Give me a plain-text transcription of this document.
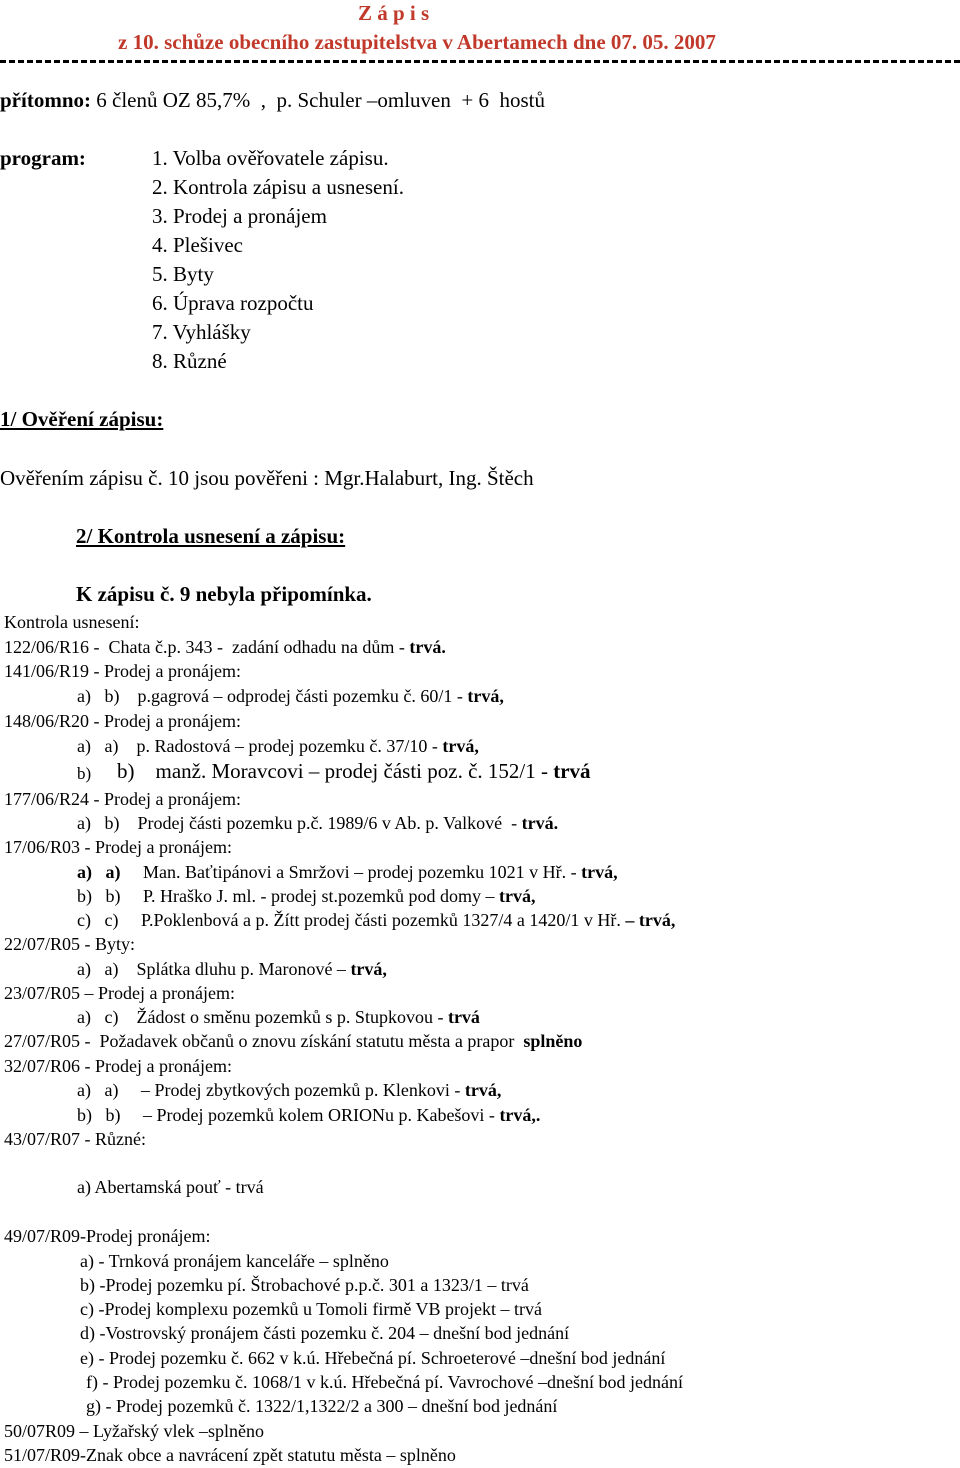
Z á p i s
z 10. schůze obecního zastupitelstva v Abertamech dne 07. 05. 2007
přítomno: 6 členů OZ 85,7%  ,  p. Schuler –omluven  + 6  hostů
program:	1. Volba ověřovatele zápisu.
2. Kontrola zápisu a usnesení.
3. Prodej a pronájem
4. Plešivec
5. Byty
6. Úprava rozpočtu
7. Vyhlášky
8. Různé
1/ Ověření zápisu:
Ověřením zápisu č. 10 jsou pověřeni : Mgr.Halaburt, Ing. Štěch
2/ Kontrola usnesení a zápisu:
K zápisu č. 9 nebyla připomínka.
Kontrola usnesení:
122/06/R16 -  Chata č.p. 343 -  zadání odhadu na dům - trvá.
141/06/R19 - Prodej a pronájem:
a)   b)    p.gagrová – odprodej části pozemku č. 60/1 - trvá,
148/06/R20 - Prodej a pronájem:
a)   a)    p. Radostová – prodej pozemku č. 37/10 - trvá,
b) b)    manž. Moravcovi – prodej části poz. č. 152/1 - trvá
177/06/R24 - Prodej a pronájem:
a)   b)    Prodej části pozemku p.č. 1989/6 v Ab. p. Valkové  - trvá.
17/06/R03 - Prodej a pronájem:
a)   a) Man. Baťtipánovi a Smržovi – prodej pozemku 1021 v Hř. - trvá,
b)   b)     P. Hraško J. ml. - prodej st.pozemků pod domy – trvá,
c)   c)     P.Poklenbová a p. Žítt prodej části pozemků 1327/4 a 1420/1 v Hř. – trvá,
22/07/R05 - Byty:
a)   a)    Splátka dluhu p. Maronové – trvá,
23/07/R05 – Prodej a pronájem:
a)   c)    Žádost o směnu pozemků s p. Stupkovou - trvá
27/07/R05 -  Požadavek občanů o znovu získání statutu města a prapor  splněno
32/07/R06 - Prodej a pronájem:
a)   a)     – Prodej zbytkových pozemků p. Klenkovi - trvá,
b)   b)     – Prodej pozemků kolem ORIONu p. Kabešovi - trvá,.
43/07/R07 - Různé:
a) Abertamská pouť - trvá
49/07/R09-Prodej pronájem:
a) - Trnková pronájem kanceláře – splněno
b) -Prodej pozemku pí. Štrobachové p.p.č. 301 a 1323/1 – trvá
c) -Prodej komplexu pozemků u Tomoli firmě VB projekt – trvá
d) -Vostrovský pronájem části pozemku č. 204 – dnešní bod jednání
e) - Prodej pozemku č. 662 v k.ú. Hřebečná pí. Schroeterové –dnešní bod jednání
f) - Prodej pozemku č. 1068/1 v k.ú. Hřebečná pí. Vavrochové –dnešní bod jednání
g) - Prodej pozemků č. 1322/1,1322/2 a 300 – dnešní bod jednání
50/07R09 – Lyžařský vlek –splněno
51/07/R09-Znak obce a navrácení zpět statutu města – splněno
